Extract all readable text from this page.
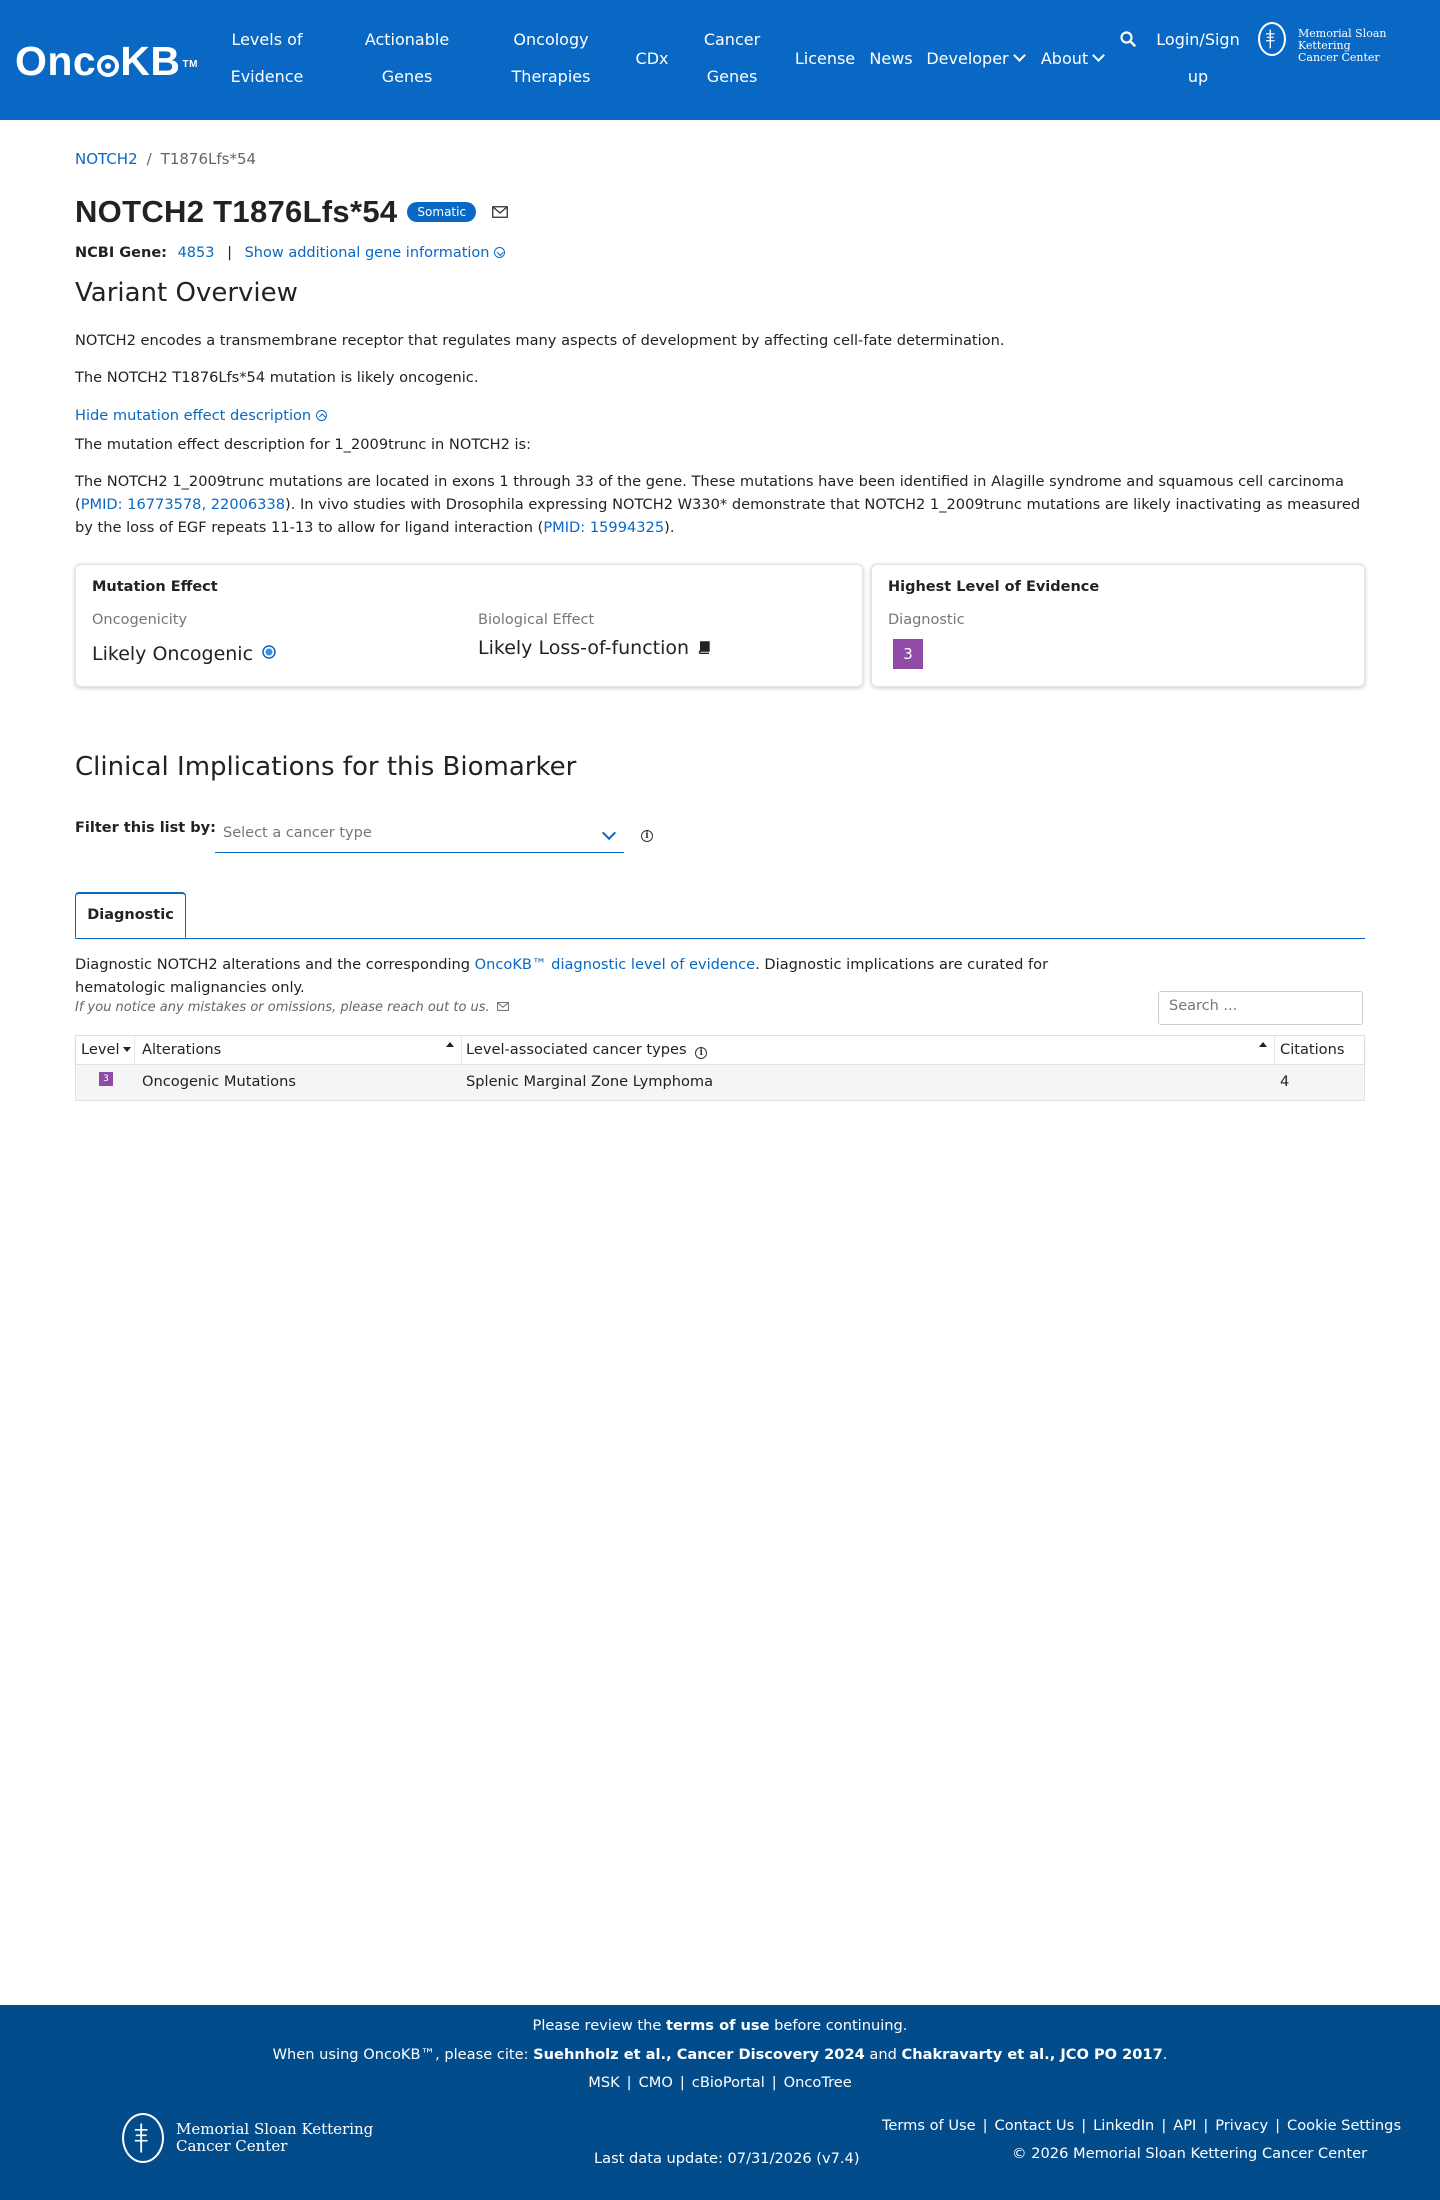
Onc KB ™
Levels of
Evidence
Actionable
Genes
Oncology
Therapies
CDx
Cancer
Genes
License News Developer	About
Login/Sign
up
Memorial Sloan Kettering
Cancer Center
NOTCH2 / T1876Lfs*54
NOTCH2 T1876Lfs*54	Somatic
NCBI Gene: 4853 | Show additional gene information
Variant Overview
NOTCH2 encodes a transmembrane receptor that regulates many aspects of development by affecting cell-fate determination.
The NOTCH2 T1876Lfs*54 mutation is likely oncogenic.
Hide mutation effect description
The mutation effect description for 1_2009trunc in NOTCH2 is:
The NOTCH2 1_2009trunc mutations are located in exons 1 through 33 of the gene. These mutations have been identified in Alagille syndrome and squamous cell carcinoma (PMID: 16773578, 22006338). In vivo studies with Drosophila expressing NOTCH2 W330* demonstrate that NOTCH2 1_2009trunc mutations are likely inactivating as measured by the loss of EGF repeats 11-13 to allow for ligand interaction (PMID: 15994325).
Mutation Effect
Oncogenicity
Likely Oncogenic
Biological Effect
Likely Loss-of-function
Highest Level of Evidence
Diagnostic
3
Clinical Implications for this Biomarker
Filter this list by: Select a cancer type	i
Diagnostic
Diagnostic NOTCH2 alterations and the corresponding OncoKB™ diagnostic level of evidence. Diagnostic implications are curated for hematologic malignancies only.
If you notice any mistakes or omissions, please reach out to us.	Search ...
Level	Alterations	Level-associated cancer types i	Citations
3 Oncogenic Mutations	Splenic Marginal Zone Lymphoma	4
Please review the terms of use before continuing.
When using OncoKB™, please cite: Suehnholz et al., Cancer Discovery 2024 and Chakravarty et al., JCO PO 2017.
MSK | CMO | cBioPortal | OncoTree
Memorial Sloan Kettering
Cancer Center
Last data update: 07/31/2026 (v7.4)
Terms of Use | Contact Us | LinkedIn | API | Privacy | Cookie Settings
© 2026 Memorial Sloan Kettering Cancer Center
